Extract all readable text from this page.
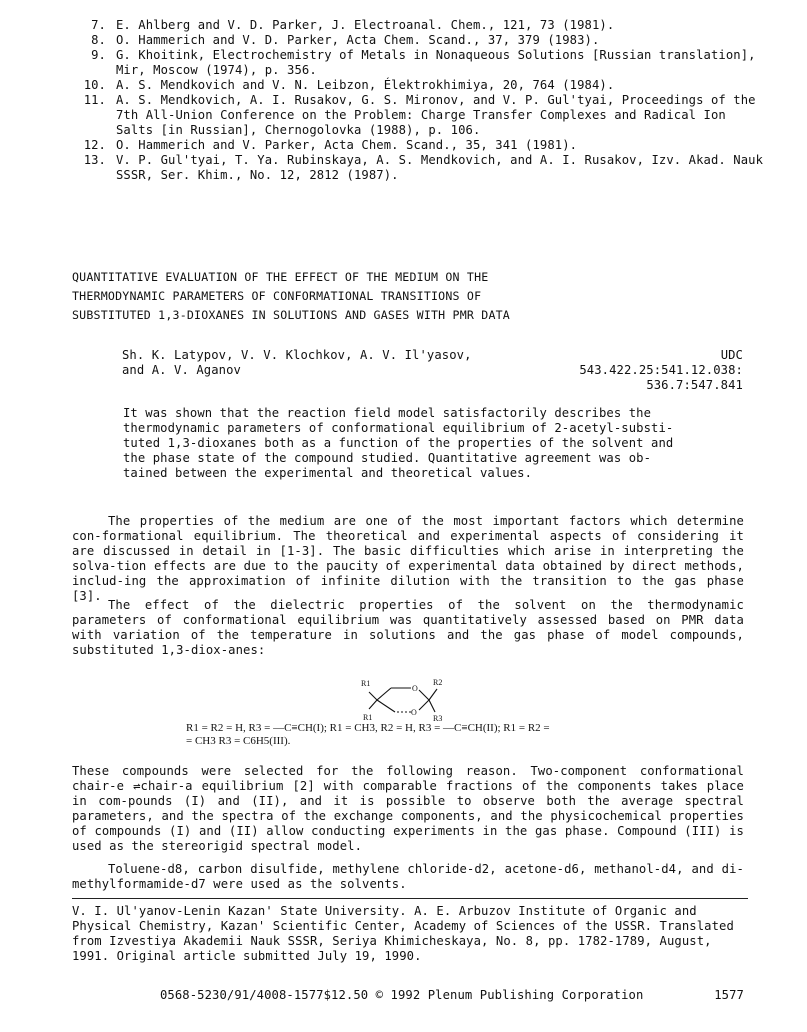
7. E. Ahlberg and V. D. Parker, J. Electroanal. Chem., 121, 73 (1981).
8. O. Hammerich and V. D. Parker, Acta Chem. Scand., 37, 379 (1983).
9. G. Khoitink, Electrochemistry of Metals in Nonaqueous Solutions [Russian translation], Mir, Moscow (1974), p. 356.
10. A. S. Mendkovich and V. N. Leibzon, Élektrokhimiya, 20, 764 (1984).
11. A. S. Mendkovich, A. I. Rusakov, G. S. Mironov, and V. P. Gul'tyai, Proceedings of the 7th All-Union Conference on the Problem: Charge Transfer Complexes and Radical Ion Salts [in Russian], Chernogolovka (1988), p. 106.
12. O. Hammerich and V. Parker, Acta Chem. Scand., 35, 341 (1981).
13. V. P. Gul'tyai, T. Ya. Rubinskaya, A. S. Mendkovich, and A. I. Rusakov, Izv. Akad. Nauk SSSR, Ser. Khim., No. 12, 2812 (1987).
QUANTITATIVE EVALUATION OF THE EFFECT OF THE MEDIUM ON THE
THERMODYNAMIC PARAMETERS OF CONFORMATIONAL TRANSITIONS OF
SUBSTITUTED 1,3-DIOXANES IN SOLUTIONS AND GASES WITH PMR DATA
Sh. K. Latypov, V. V. Klochkov, A. V. Il'yasov,
and A. V. Aganov
UDC 543.422.25:541.12.038:
536.7:547.841

It was shown that the reaction field model satisfactorily describes the thermodynamic parameters of conformational equilibrium of 2-acetyl-substi-tuted 1,3-dioxanes both as a function of the properties of the solvent and the phase state of the compound studied. Quantitative agreement was ob-tained between the experimental and theoretical values.

The properties of the medium are one of the most important factors which determine con-formational equilibrium. The theoretical and experimental aspects of considering it are discussed in detail in [1-3]. The basic difficulties which arise in interpreting the solva-tion effects are due to the paucity of experimental data obtained by direct methods, includ-ing the approximation of infinite dilution with the transition to the gas phase [3].

The effect of the dielectric properties of the solvent on the thermodynamic parameters of conformational equilibrium was quantitatively assessed based on PMR data with variation of the temperature in solutions and the gas phase of model compounds, substituted 1,3-diox-anes:

R1	R2
O
O
R1	R3
R1 = R2 = H, R3 = —C≡CH(I); R1 = CH3, R2 = H, R3 = —C≡CH(II); R1 = R2 =
= CH3 R3 = C6H5(III).

These compounds were selected for the following reason. Two-component conformational chair-e ⇌chair-a equilibrium [2] with comparable fractions of the components takes place in com-pounds (I) and (II), and it is possible to observe both the average spectral parameters, and the spectra of the exchange components, and the physicochemical properties of compounds (I) and (II) allow conducting experiments in the gas phase. Compound (III) is used as the stereorigid spectral model.

Toluene-d8, carbon disulfide, methylene chloride-d2, acetone-d6, methanol-d4, and di-methylformamide-d7 were used as the solvents.

V. I. Ul'yanov-Lenin Kazan' State University. A. E. Arbuzov Institute of Organic and Physical Chemistry, Kazan' Scientific Center, Academy of Sciences of the USSR. Translated from Izvestiya Akademii Nauk SSSR, Seriya Khimicheskaya, No. 8, pp. 1782-1789, August, 1991. Original article submitted July 19, 1990.

0568-5230/91/4008-1577$12.50 © 1992 Plenum Publishing Corporation	1577
